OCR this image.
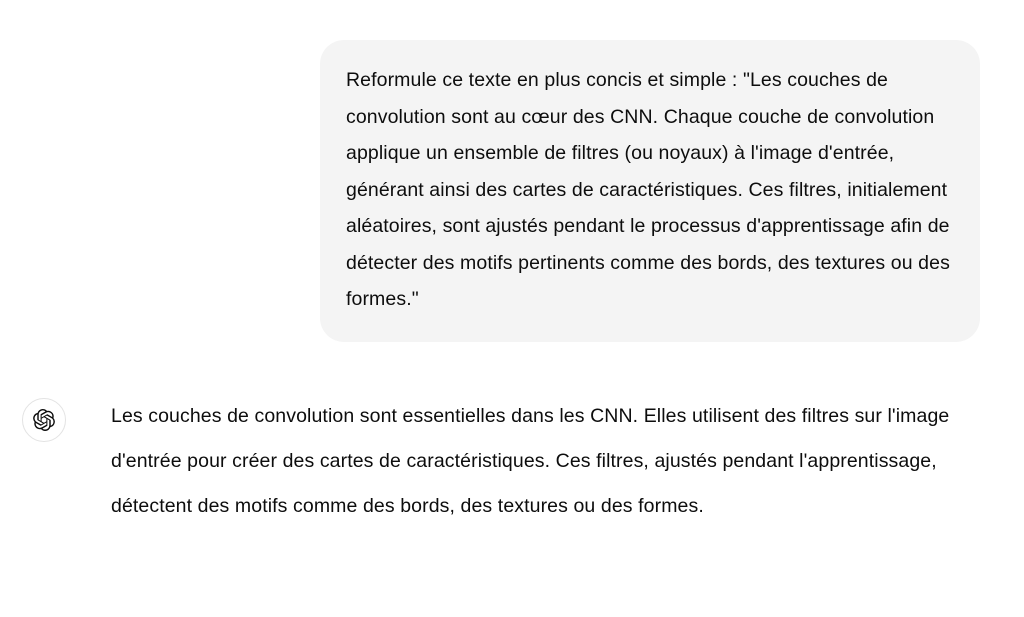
Reformule ce texte en plus concis et simple : "Les couches de convolution sont au cœur des CNN. Chaque couche de convolution applique un ensemble de filtres (ou noyaux) à l'image d'entrée, générant ainsi des cartes de caractéristiques. Ces filtres, initialement aléatoires, sont ajustés pendant le processus d'apprentissage afin de détecter des motifs pertinents comme des bords, des textures ou des formes."

Les couches de convolution sont essentielles dans les CNN. Elles utilisent des filtres sur l'image d'entrée pour créer des cartes de caractéristiques. Ces filtres, ajustés pendant l'apprentissage, détectent des motifs comme des bords, des textures ou des formes.
